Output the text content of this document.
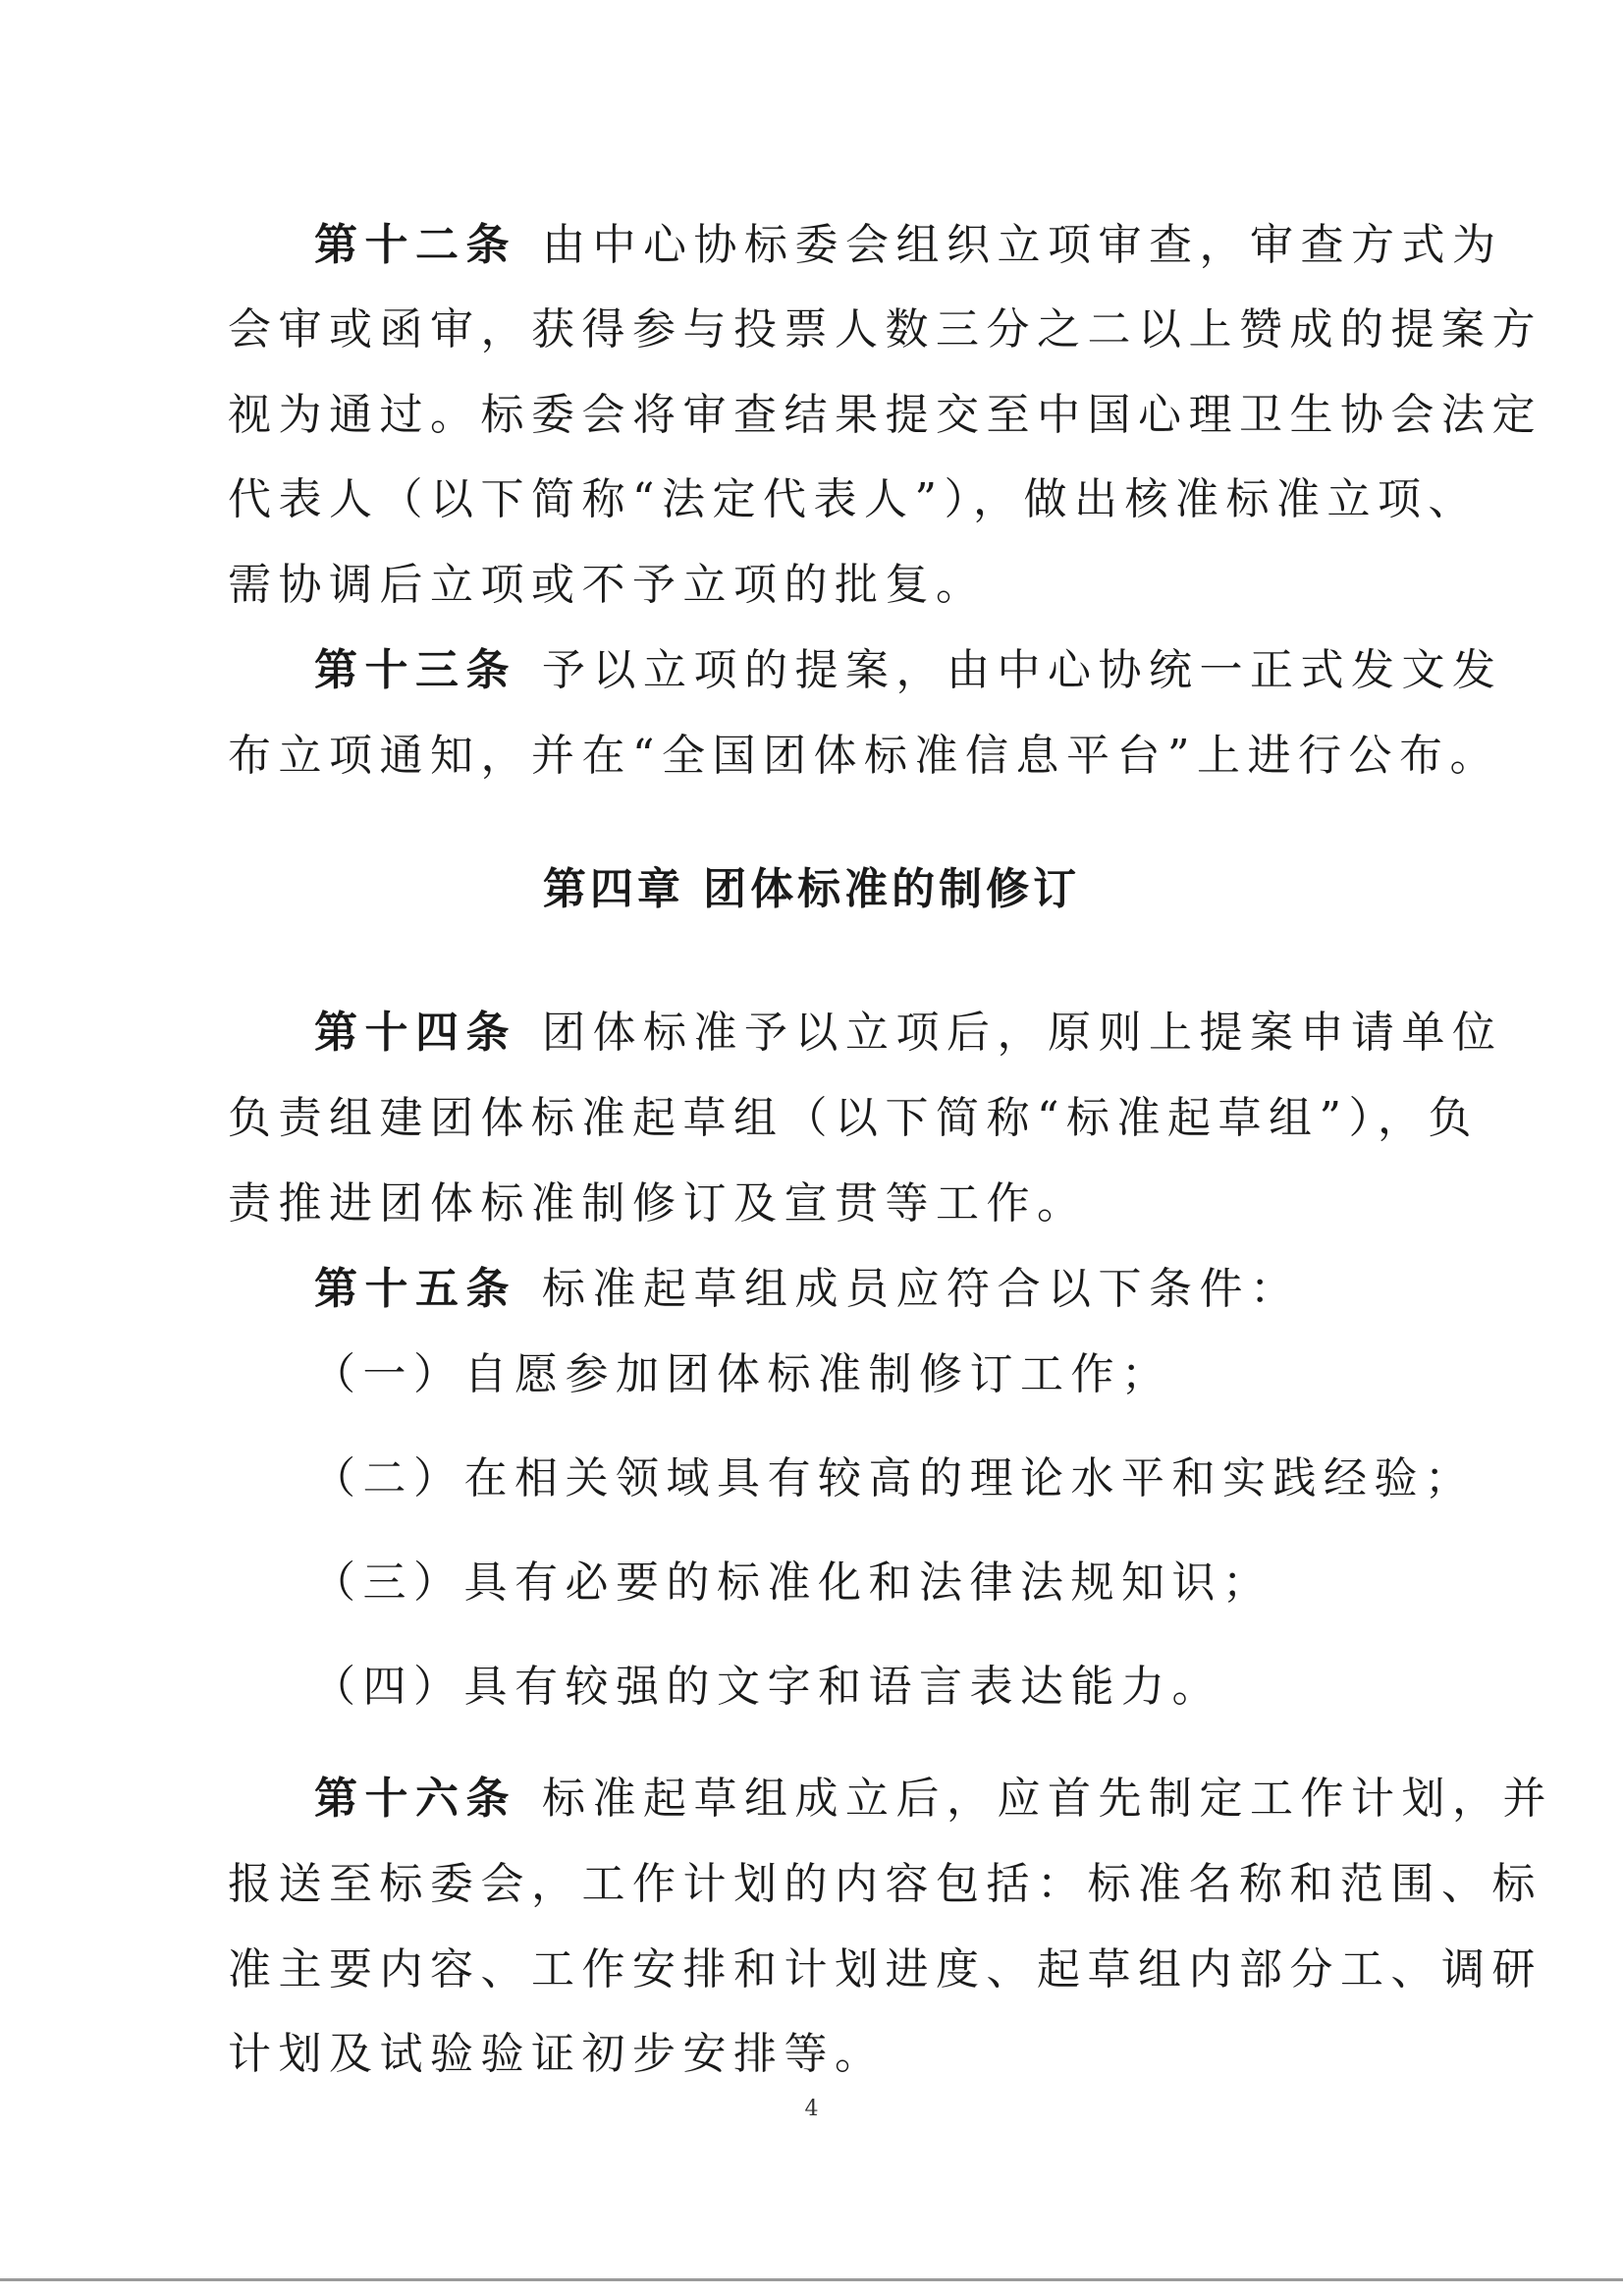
第十二条 由中心协标委会组织立项审查，审查方式为
会审或函审，获得参与投票人数三分之二以上赞成的提案方
视为通过。标委会将审查结果提交至中国心理卫生协会法定
代表人（以下简称“法定代表人”），做出核准标准立项、
需协调后立项或不予立项的批复。
第十三条 予以立项的提案，由中心协统一正式发文发
布立项通知，并在“全国团体标准信息平台”上进行公布。
第四章 团体标准的制修订
第十四条 团体标准予以立项后，原则上提案申请单位
负责组建团体标准起草组（以下简称“标准起草组”），负
责推进团体标准制修订及宣贯等工作。
第十五条 标准起草组成员应符合以下条件：
（一）自愿参加团体标准制修订工作；
（二）在相关领域具有较高的理论水平和实践经验；
（三）具有必要的标准化和法律法规知识；
（四）具有较强的文字和语言表达能力。
第十六条 标准起草组成立后，应首先制定工作计划，并
报送至标委会，工作计划的内容包括：标准名称和范围、标
准主要内容、工作安排和计划进度、起草组内部分工、调研
计划及试验验证初步安排等。
4
